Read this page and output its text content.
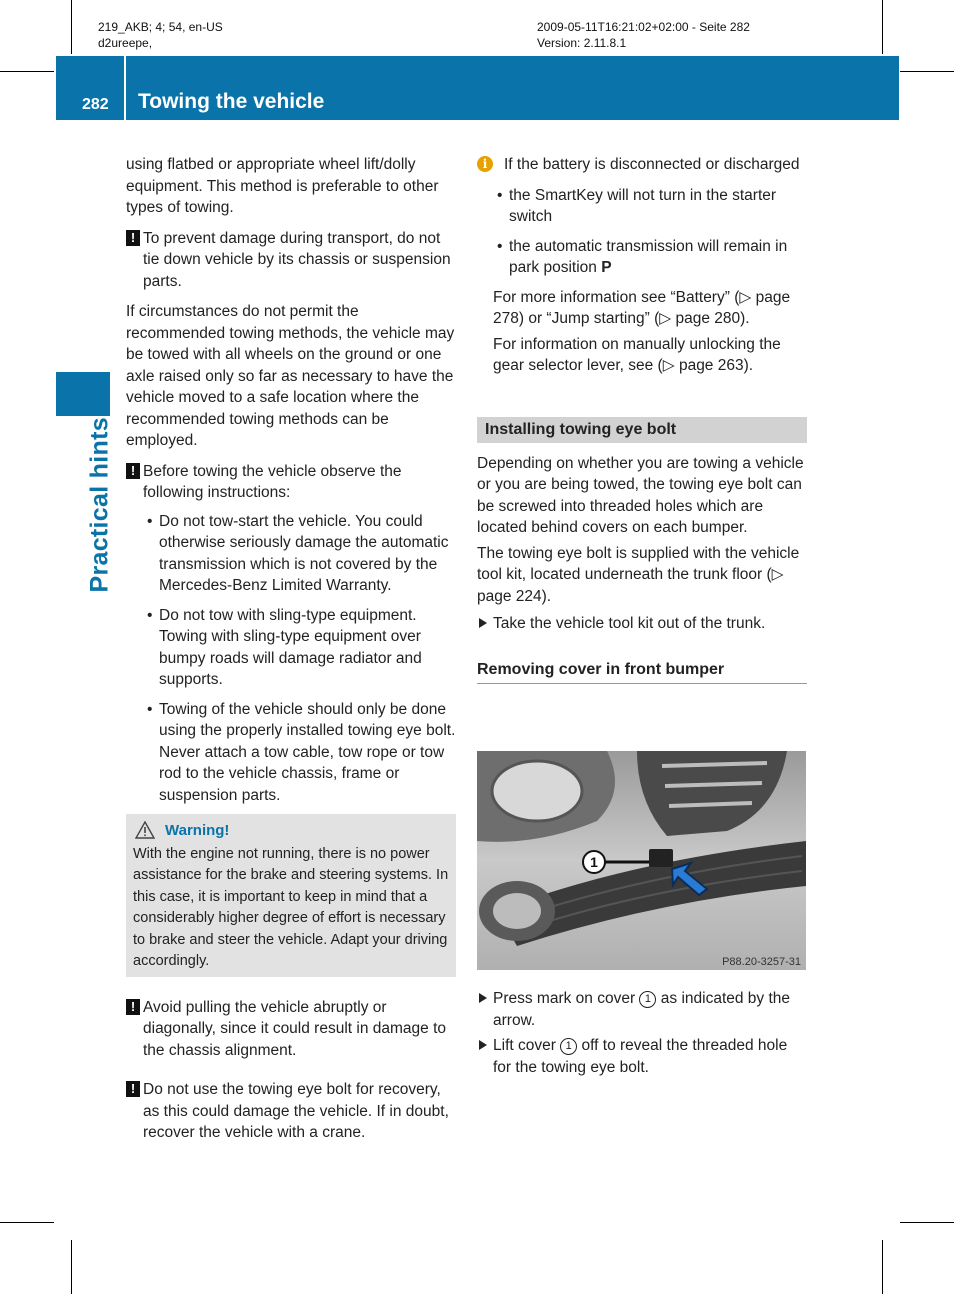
219_AKB; 4; 54, en-US
d2ureepe,
2009-05-11T16:21:02+02:00 - Seite 282
Version: 2.11.8.1
282 Towing the vehicle
Practical hints

using flatbed or appropriate wheel lift/dolly equipment. This method is preferable to other types of towing.

! To prevent damage during transport, do not tie down vehicle by its chassis or suspension parts.

If circumstances do not permit the recommended towing methods, the vehicle may be towed with all wheels on the ground or one axle raised only so far as necessary to have the vehicle moved to a safe location where the recommended towing methods can be employed.

! Before towing the vehicle observe the following instructions:
• Do not tow-start the vehicle. You could otherwise seriously damage the automatic transmission which is not covered by the Mercedes-Benz Limited Warranty.
• Do not tow with sling-type equipment. Towing with sling-type equipment over bumpy roads will damage radiator and supports.
• Towing of the vehicle should only be done using the properly installed towing eye bolt. Never attach a tow cable, tow rope or tow rod to the vehicle chassis, frame or suspension parts.
Warning!
With the engine not running, there is no power assistance for the brake and steering systems. In this case, it is important to keep in mind that a considerably higher degree of effort is necessary to brake and steer the vehicle. Adapt your driving accordingly.
! Avoid pulling the vehicle abruptly or diagonally, since it could result in damage to the chassis alignment.
! Do not use the towing eye bolt for recovery, as this could damage the vehicle. If in doubt, recover the vehicle with a crane.
i	If the battery is disconnected or discharged

• the SmartKey will not turn in the starter switch
• the automatic transmission will remain in park position P

For more information see “Battery” (▷ page 278) or “Jump starting” (▷ page 280).

For information on manually unlocking the gear selector lever, see (▷ page 263).

Installing towing eye bolt

Depending on whether you are towing a vehicle or you are being towed, the towing eye bolt can be screwed into threaded holes which are located behind covers on each bumper.

The towing eye bolt is supplied with the vehicle tool kit, located underneath the trunk floor (▷ page 224).

Take the vehicle tool kit out of the trunk.
Removing cover in front bumper
1
P88.20-3257-31
Press mark on cover 1 as indicated by the arrow.
Lift cover 1 off to reveal the threaded hole for the towing eye bolt.
